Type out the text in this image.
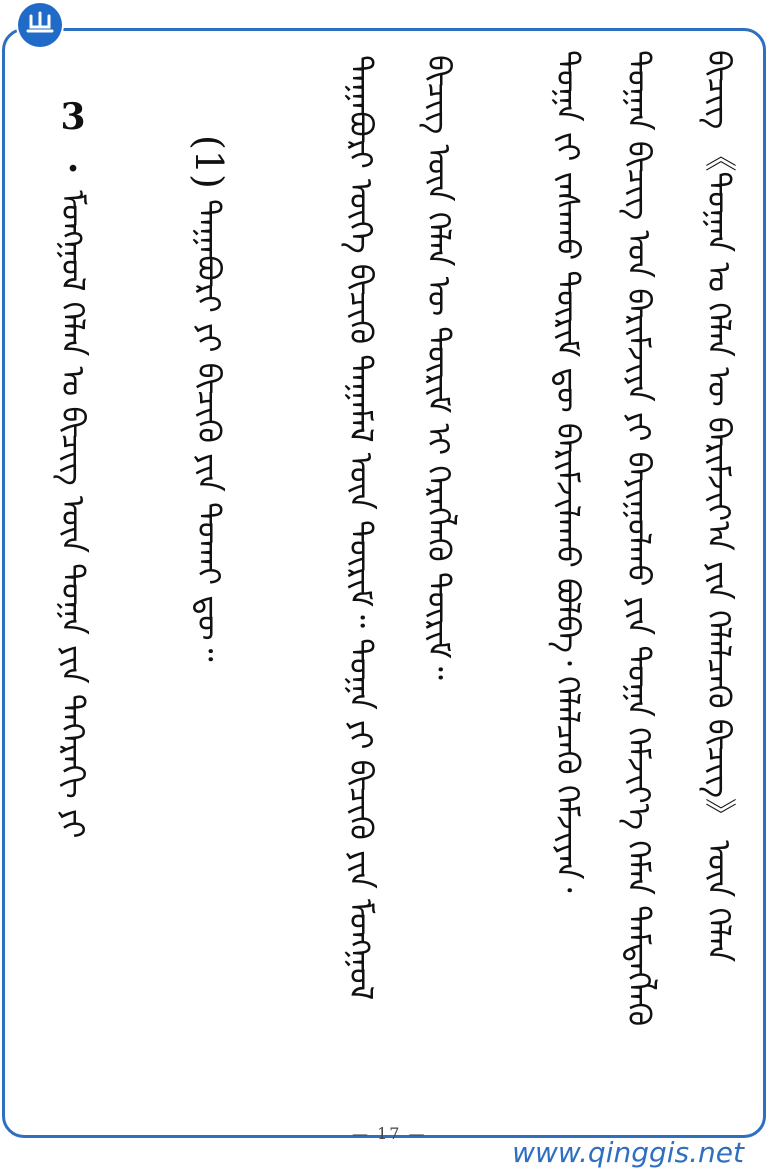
3. ᠮᠣᠩᠭᠣᠯ ᠬᠡᠯᠡᠨ ᠤ ᠪᠢᠴᠢᠭ ᠦᠨ ᠲᠣᠭᠠ ᠶᠢᠨ ᠳᠡᠭᠡᠷᠡᠬᠢ ᠶᠢ
(1) ᠳᠠᠭᠠᠪᠤᠷᠢ ᠶᠢ ᠪᠢᠴᠢᠬᠦ ᠶᠢᠨ ᠲᠤᠬᠠᠢ ᠳᠦ᠃	ᠲᠠᠭᠠᠪᠤᠷᠢ ᠦᠭᠡ ᠪᠢᠴᠢᠬᠦ ᠳᠠᠭᠠᠮᠠᠯ ᠦᠨ ᠳᠦᠷᠢᠮ᠃ ᠲᠣᠭᠠ ᠶᠢ ᠪᠢᠴᠢᠬᠦ ᠶᠢᠨ ᠮᠣᠩᠭᠣᠯ ᠪᠢᠴᠢᠭ ᠦᠨ ᠬᠡᠯᠡᠨ ᠦ ᠳᠦᠷᠢᠮ ᠢ ᠬᠡᠷᠡᠭᠯᠡᠬᠦ ᠳᠦᠷᠢᠮ᠃	ᠲᠣᠭᠠ ᠵᠢ ᠵᠠᠰᠠᠬᠤ ᠳᠦᠷᠢᠮ ᠳᠦ ᠪᠠᠷᠢᠮᠵᠢᠯᠠᠬᠤ ᠪᠣᠯᠪᠠ᠂ ᠬᠡᠯᠡᠯᠴᠡᠬᠦ ᠬᠡᠮᠵᠢᠶᠡᠨ᠂ ᠲᠣᠭᠠᠨ ᠪᠢᠴᠢᠭ ᠤᠨ ᠪᠠᠷᠢᠮᠵᠢᠶᠠ ᠶᠢ ᠪᠠᠶᠢᠭᠤᠯᠬᠤ ᠶᠢᠨ ᠲᠣᠭᠠ ᠬᠡᠮᠵᠢᠶ᠎ᠡ ᠬᠡᠮᠡᠨ ᠲᠡᠮᠳᠡᠭᠯᠡᠬᠦ ᠪᠢᠴᠢᠭ 《ᠲᠣᠭᠠᠨ ᠤ ᠬᠡᠯᠡᠨ ᠦ ᠪᠠᠷᠢᠮᠵᠢᠶ᠎ᠠ ᠶᠢᠨ ᠬᠡᠯᠡᠯᠴᠡᠬᠦ ᠪᠢᠴᠢᠭ》 ᠦᠨ ᠬᠡᠯᠡᠨ
— 17 —
www.qinggis.net
